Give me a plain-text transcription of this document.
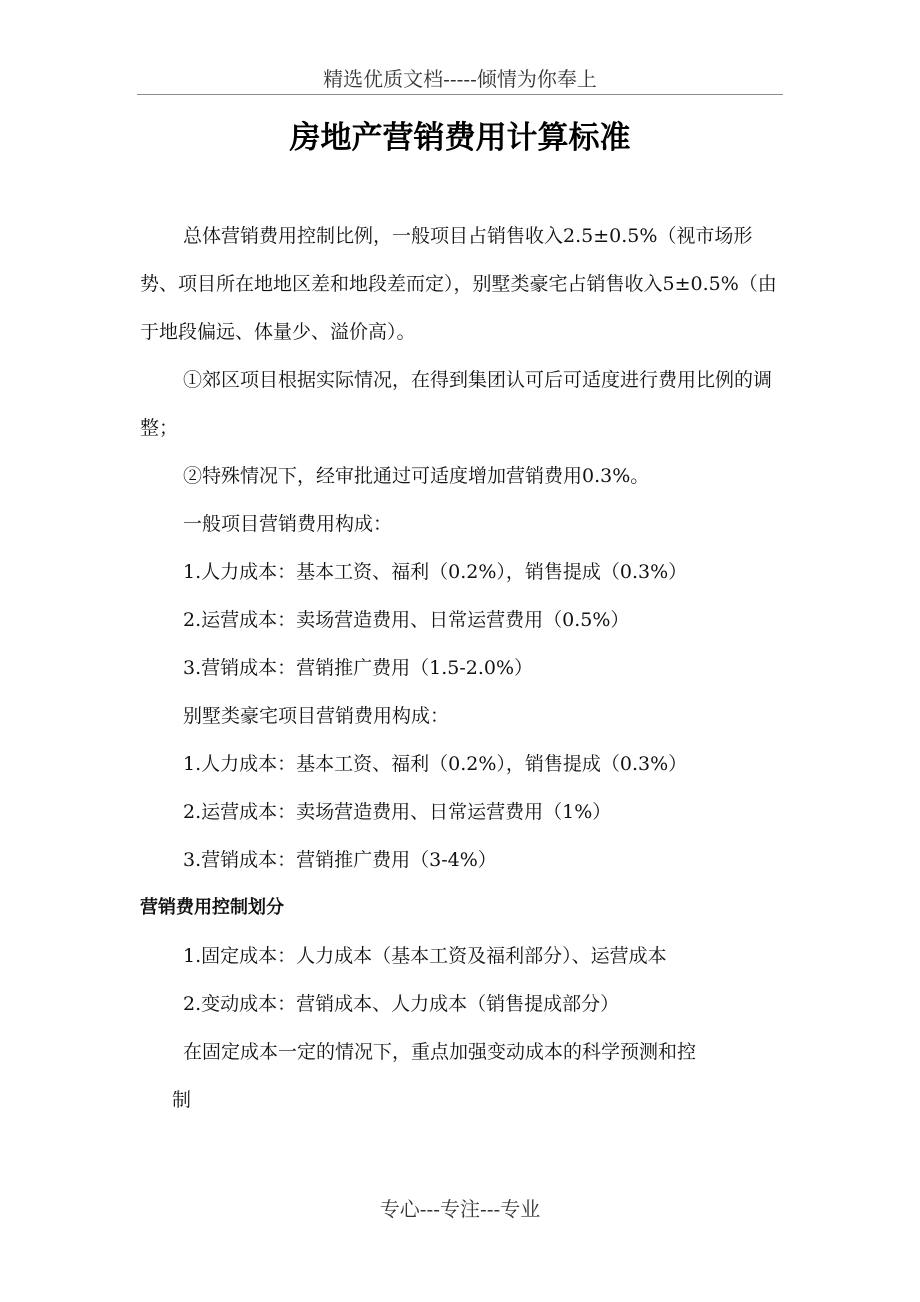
精选优质文档-----倾情为你奉上
房地产营销费用计算标准

总体营销费用控制比例，一般项目占销售收入2.5±0.5%（视市场形势、项目所在地地区差和地段差而定），别墅类豪宅占销售收入5±0.5%（由于地段偏远、体量少、溢价高）。

①郊区项目根据实际情况，在得到集团认可后可适度进行费用比例的调整；

②特殊情况下，经审批通过可适度增加营销费用0.3%。

一般项目营销费用构成：

1.人力成本：基本工资、福利（0.2%），销售提成（0.3%）

2.运营成本：卖场营造费用、日常运营费用（0.5%）

3.营销成本：营销推广费用（1.5-2.0%）

别墅类豪宅项目营销费用构成：

1.人力成本：基本工资、福利（0.2%），销售提成（0.3%）

2.运营成本：卖场营造费用、日常运营费用（1%）

3.营销成本：营销推广费用（3-4%）

营销费用控制划分

1.固定成本：人力成本（基本工资及福利部分）、运营成本

2.变动成本：营销成本、人力成本（销售提成部分）

在固定成本一定的情况下，重点加强变动成本的科学预测和控

制

专心---专注---专业
